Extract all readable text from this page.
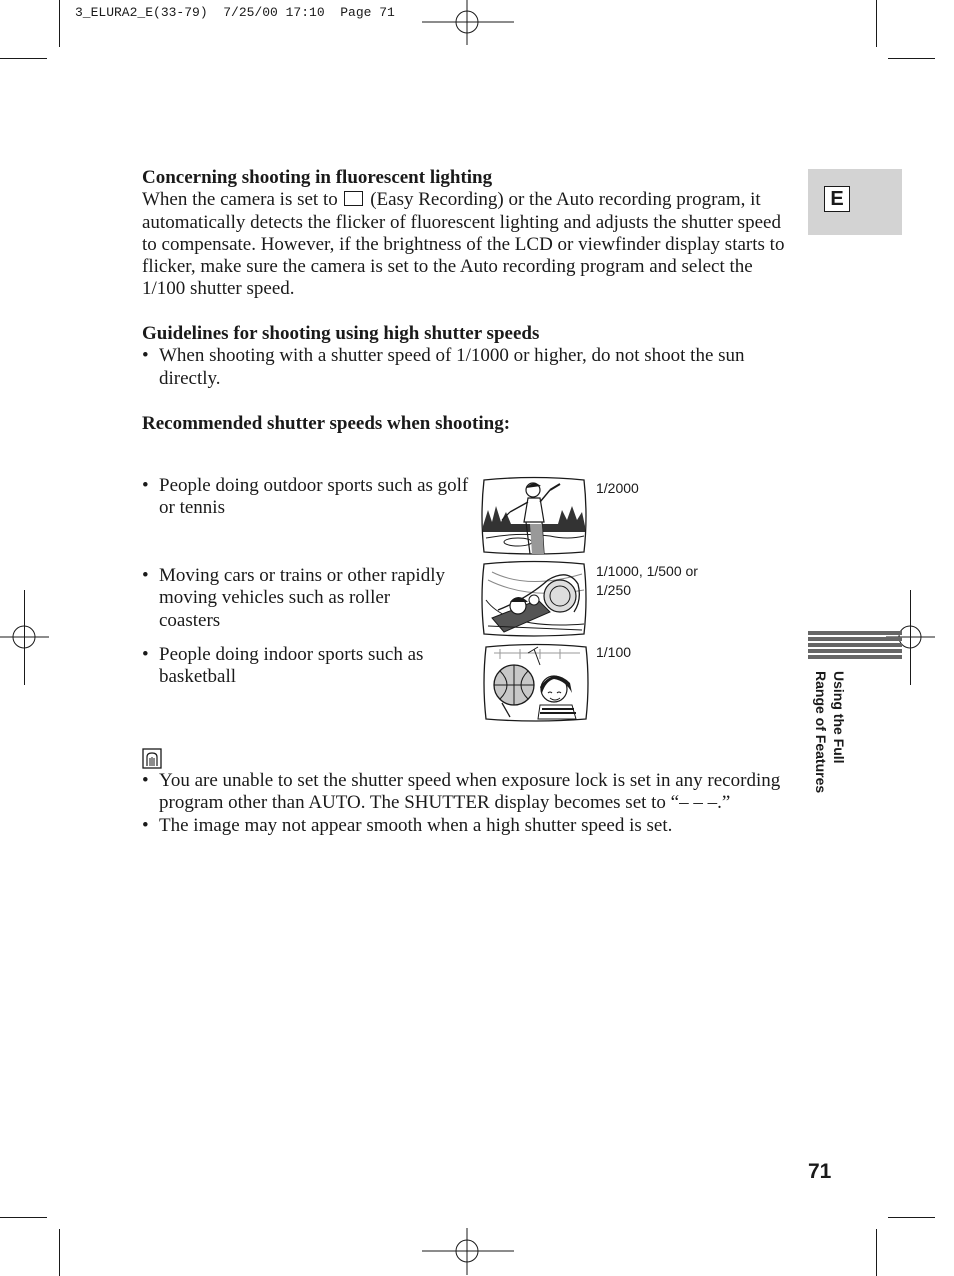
3_ELURA2_E(33-79)  7/25/00 17:10  Page 71
E
Using the Full
Range of Features
Concerning shooting in fluorescent lighting

When the camera is set to (Easy Recording) or the Auto recording program, it automatically detects the flicker of fluorescent lighting and adjusts the shutter speed to compensate. However, if the brightness of the LCD or viewfinder display starts to flicker, make sure the camera is set to the Auto recording program and select the 1/100 shutter speed.

Guidelines for shooting using high shutter speeds
• When shooting with a shutter speed of 1/1000 or higher, do not shoot the sun directly.
Recommended shutter speeds when shooting:
• People doing outdoor sports such as golf or tennis
• Moving cars or trains or other rapidly moving vehicles such as roller coasters
• People doing indoor sports such as basketball
1/2000
1/1000, 1/500 or
1/250
1/100
• You are unable to set the shutter speed when exposure lock is set in any recording program other than AUTO. The SHUTTER display becomes set to “– – –.”
• The image may not appear smooth when a high shutter speed is set.
71
